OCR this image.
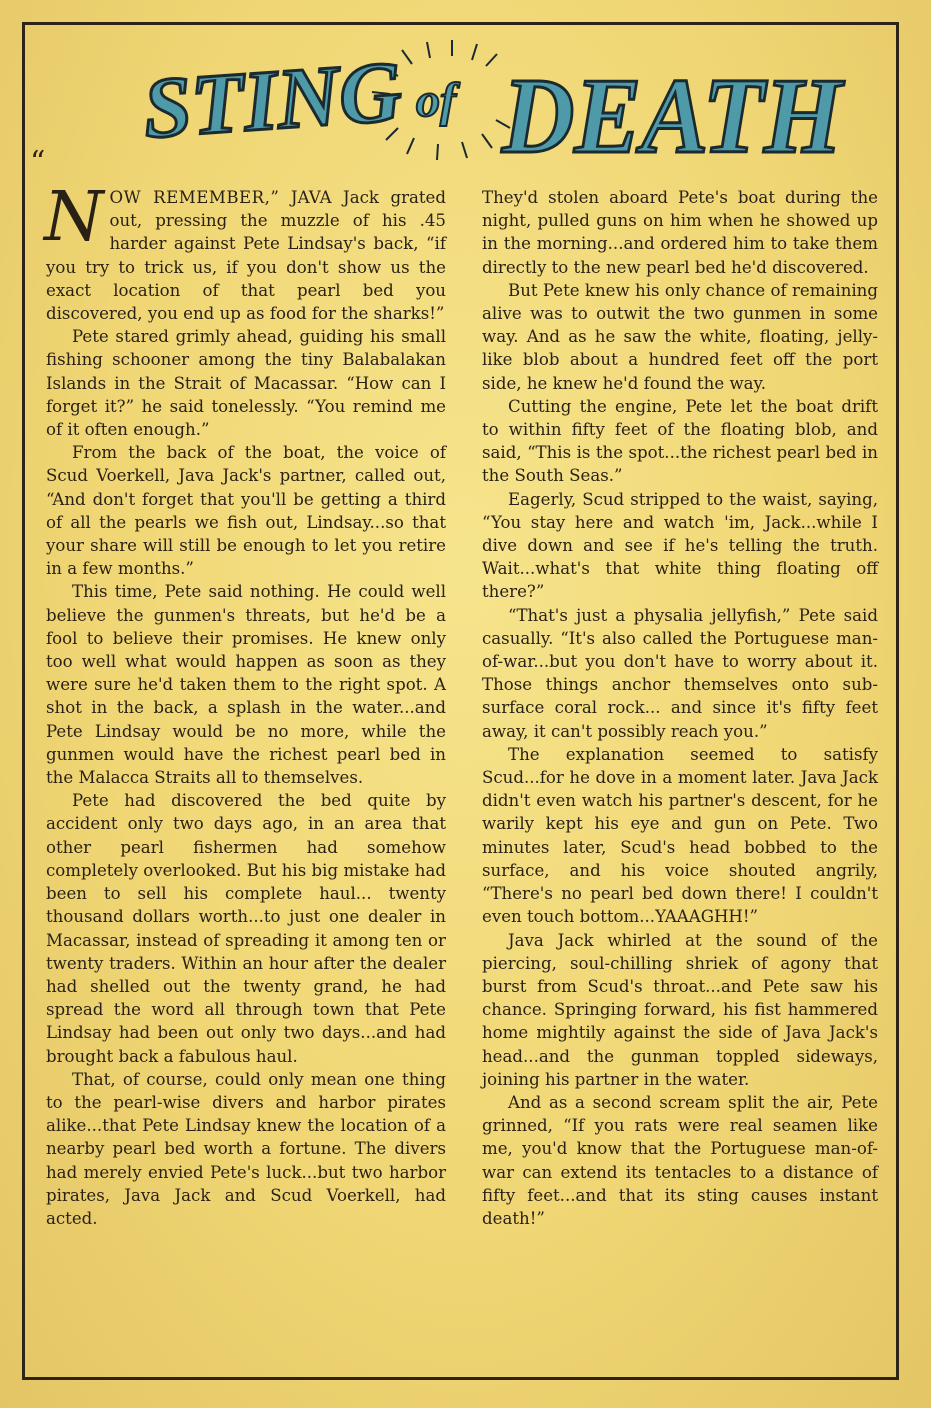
STING of DEATH
“

NOW REMEMBER,” JAVA Jack grated out, pressing the muzzle of his .45 harder against Pete Lindsay's back, “if you try to trick us, if you don't show us the exact location of that pearl bed you discovered, you end up as food for the sharks!”

Pete stared grimly ahead, guiding his small fishing schooner among the tiny Balabalakan Islands in the Strait of Macassar. “How can I forget it?” he said tonelessly. “You remind me of it often enough.”

From the back of the boat, the voice of Scud Voerkell, Java Jack's partner, called out, “And don't forget that you'll be getting a third of all the pearls we fish out, Lindsay...so that your share will still be enough to let you retire in a few months.”

This time, Pete said nothing. He could well believe the gunmen's threats, but he'd be a fool to believe their promises. He knew only too well what would happen as soon as they were sure he'd taken them to the right spot. A shot in the back, a splash in the water...and Pete Lindsay would be no more, while the gunmen would have the richest pearl bed in the Malacca Straits all to themselves.

Pete had discovered the bed quite by accident only two days ago, in an area that other pearl fishermen had somehow completely overlooked. But his big mistake had been to sell his complete haul... twenty thousand dollars worth...to just one dealer in Macassar, instead of spreading it among ten or twenty traders. Within an hour after the dealer had shelled out the twenty grand, he had spread the word all through town that Pete Lindsay had been out only two days...and had brought back a fabulous haul.

That, of course, could only mean one thing to the pearl-wise divers and harbor pirates alike...that Pete Lindsay knew the location of a nearby pearl bed worth a fortune. The divers had merely envied Pete's luck...but two harbor pirates, Java Jack and Scud Voerkell, had acted.

They'd stolen aboard Pete's boat during the night, pulled guns on him when he showed up in the morning...and ordered him to take them directly to the new pearl bed he'd discovered.

But Pete knew his only chance of remaining alive was to outwit the two gunmen in some way. And as he saw the white, floating, jelly-like blob about a hundred feet off the port side, he knew he'd found the way.

Cutting the engine, Pete let the boat drift to within fifty feet of the floating blob, and said, “This is the spot...the richest pearl bed in the South Seas.”

Eagerly, Scud stripped to the waist, saying, “You stay here and watch 'im, Jack...while I dive down and see if he's telling the truth. Wait...what's that white thing floating off there?”

“That's just a physalia jellyfish,” Pete said casually. “It's also called the Portuguese man-of-war...but you don't have to worry about it. Those things anchor themselves onto sub-surface coral rock... and since it's fifty feet away, it can't possibly reach you.”

The explanation seemed to satisfy Scud...for he dove in a moment later. Java Jack didn't even watch his partner's descent, for he warily kept his eye and gun on Pete. Two minutes later, Scud's head bobbed to the surface, and his voice shouted angrily, “There's no pearl bed down there! I couldn't even touch bottom...YAAAGHH!”

Java Jack whirled at the sound of the piercing, soul-chilling shriek of agony that burst from Scud's throat...and Pete saw his chance. Springing forward, his fist hammered home mightily against the side of Java Jack's head...and the gunman toppled sideways, joining his partner in the water.

And as a second scream split the air, Pete grinned, “If you rats were real seamen like me, you'd know that the Portuguese man-of-war can extend its tentacles to a distance of fifty feet...and that its sting causes instant death!”
